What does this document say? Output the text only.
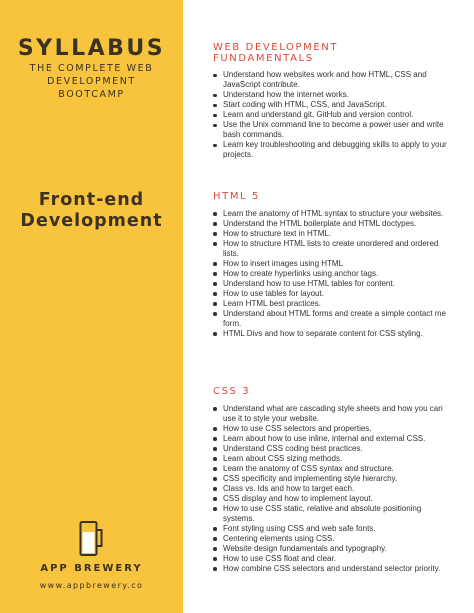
SYLLABUS
THE COMPLETE WEB
DEVELOPMENT
BOOTCAMP
Front-end
Development
APP BREWERY
www.appbrewery.co
WEB DEVELOPMENT
FUNDAMENTALS
Understand how websites work and how HTML, CSS and JavaScript contribute.
Understand how the internet works.
Start coding with HTML, CSS, and JavaScript.
Learn and understand git, GitHub and version control.
Use the Unix command line to become a power user and write bash commands.
Learn key troubleshooting and debugging skills to apply to your projects.
HTML 5
Learn the anatomy of HTML syntax to structure your websites.
Understand the HTML boilerplate and HTML doctypes.
How to structure text in HTML.
How to structure HTML lists to create unordered and ordered lists.
How to insert images using HTML
How to create hyperlinks using anchor tags.
Understand how to use HTML tables for content.
How to use tables for layout.
Learn HTML best practices.
Understand about HTML forms and create a simple contact me form.
HTML Divs and how to separate content for CSS styling.
CSS 3
Understand what are cascading style sheets and how you can use it to style your website.
How to use CSS selectors and properties.
Learn about how to use inline, internal and external CSS.
Understand CSS coding best practices.
Learn about CSS sizing methods.
Learn the anatomy of CSS syntax and structure.
CSS specificity and implementing style hierarchy.
Class vs. Ids and how to target each.
CSS display and how to implement layout.
How to use CSS static, relative and absolute positioning systems.
Font styling using CSS and web safe fonts.
Centering elements using CSS.
Website design fundamentals and typography.
How to use CSS float and clear.
How combine CSS selectors and understand selector priority.
